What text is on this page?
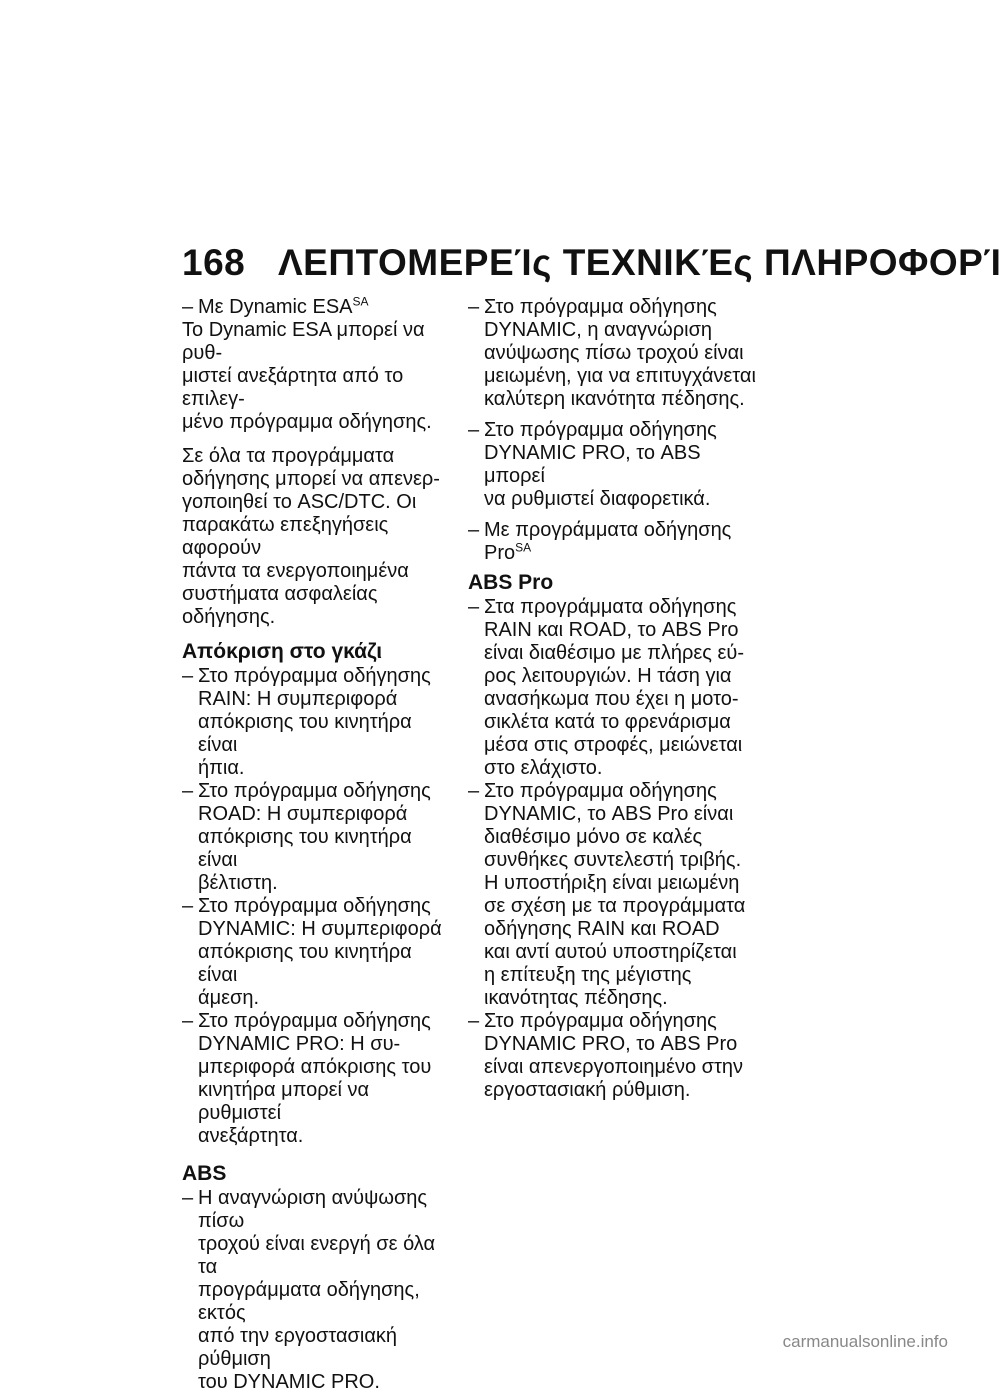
168 ΛΕΠΤΟΜΕΡΕΊς ΤΕΧΝΙΚΈς ΠΛΗΡΟΦΟΡΊ
– Με Dynamic $ESA^{SA}$
Το Dynamic ESA μπορεί να ρυθ-
μιστεί ανεξάρτητα από το επιλεγ-
μένο πρόγραμμα οδήγησης.
Σε όλα τα προγράμματα
οδήγησης μπορεί να απενερ-
γοποιηθεί το ASC/DTC. Οι
παρακάτω επεξηγήσεις αφορούν
πάντα τα ενεργοποιημένα
συστήματα ασφαλείας οδήγησης.
Απόκριση στο γκάζι
– Στο πρόγραμμα οδήγησης
RAIN: Η συμπεριφορά
απόκρισης του κινητήρα είναι
ήπια.
– Στο πρόγραμμα οδήγησης
ROAD: Η συμπεριφορά
απόκρισης του κινητήρα είναι
βέλτιστη.
– Στο πρόγραμμα οδήγησης
DYNAMIC: Η συμπεριφορά
απόκρισης του κινητήρα είναι
άμεση.
– Στο πρόγραμμα οδήγησης
DYNAMIC PRO: Η συ-
μπεριφορά απόκρισης του
κινητήρα μπορεί να ρυθμιστεί
ανεξάρτητα.
ABS
– Η αναγνώριση ανύψωσης πίσω
τροχού είναι ενεργή σε όλα τα
προγράμματα οδήγησης, εκτός
από την εργοστασιακή ρύθμιση
του DYNAMIC PRO.
– Στο πρόγραμμα οδήγησης
DYNAMIC, η αναγνώριση
ανύψωσης πίσω τροχού είναι
μειωμένη, για να επιτυγχάνεται
καλύτερη ικανότητα πέδησης.
– Στο πρόγραμμα οδήγησης
DYNAMIC PRO, το ABS μπορεί
να ρυθμιστεί διαφορετικά.
– Με προγράμματα οδήγησης
Pro$^{SA}$
ABS Pro
– Στα προγράμματα οδήγησης
RAIN και ROAD, το ABS Pro
είναι διαθέσιμο με πλήρες εύ-
ρος λειτουργιών. Η τάση για
ανασήκωμα που έχει η μοτο-
σικλέτα κατά το φρενάρισμα
μέσα στις στροφές, μειώνεται
στο ελάχιστο.
– Στο πρόγραμμα οδήγησης
DYNAMIC, το ABS Pro είναι
διαθέσιμο μόνο σε καλές
συνθήκες συντελεστή τριβής.
Η υποστήριξη είναι μειωμένη
σε σχέση με τα προγράμματα
οδήγησης RAIN και ROAD
και αντί αυτού υποστηρίζεται
η επίτευξη της μέγιστης
ικανότητας πέδησης.
– Στο πρόγραμμα οδήγησης
DYNAMIC PRO, το ABS Pro
είναι απενεργοποιημένο στην
εργοστασιακή ρύθμιση.
carmanualsonline.info
